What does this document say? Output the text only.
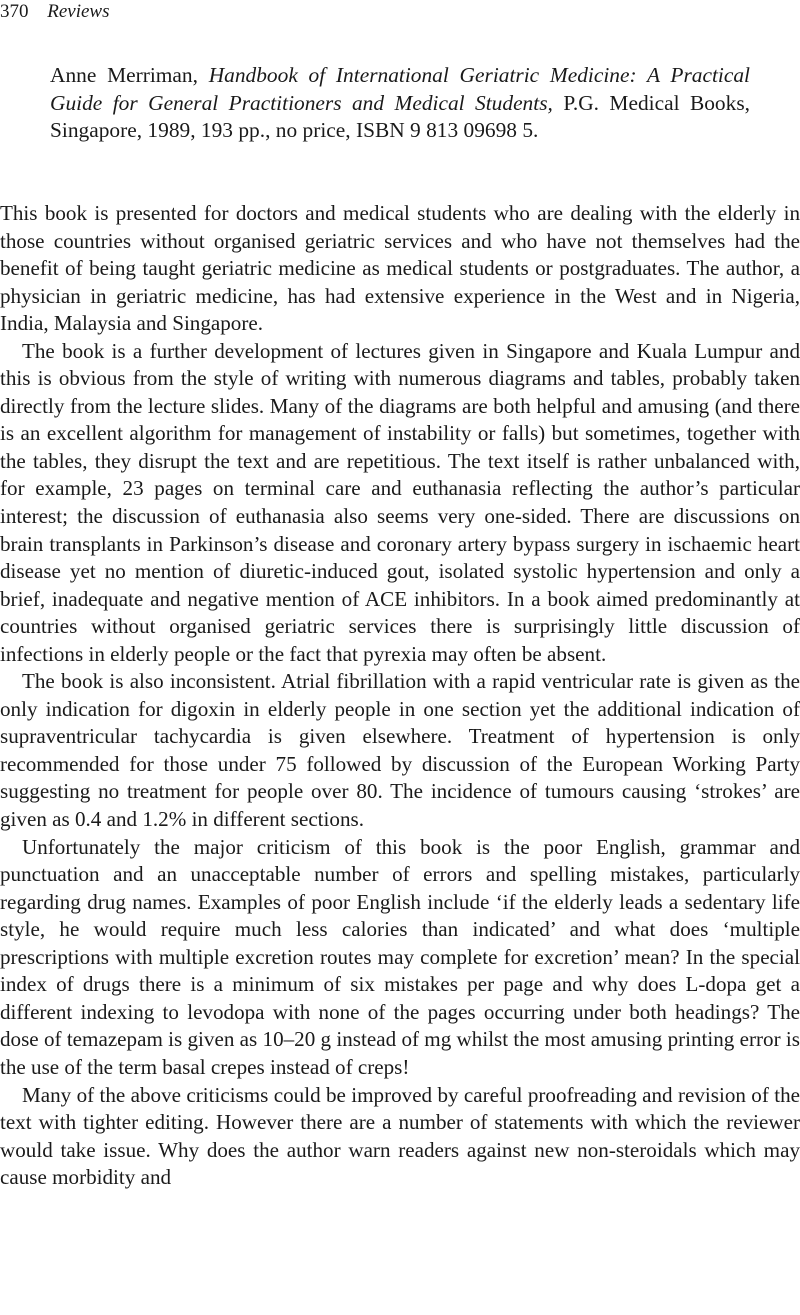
370 Reviews
Anne Merriman, Handbook of International Geriatric Medicine: A Practical Guide for General Practitioners and Medical Students, P.G. Medical Books, Singapore, 1989, 193 pp., no price, ISBN 9 813 09698 5.

This book is presented for doctors and medical students who are dealing with the elderly in those countries without organised geriatric services and who have not themselves had the benefit of being taught geriatric medicine as medical students or postgraduates. The author, a physician in geriatric medicine, has had extensive experience in the West and in Nigeria, India, Malaysia and Singapore.

The book is a further development of lectures given in Singapore and Kuala Lumpur and this is obvious from the style of writing with numerous diagrams and tables, probably taken directly from the lecture slides. Many of the diagrams are both helpful and amusing (and there is an excellent algorithm for management of instability or falls) but sometimes, together with the tables, they disrupt the text and are repetitious. The text itself is rather unbalanced with, for example, 23 pages on terminal care and euthanasia reflecting the author’s particular interest; the discussion of euthanasia also seems very one-sided. There are discussions on brain transplants in Parkinson’s disease and coronary artery bypass surgery in ischaemic heart disease yet no mention of diuretic-induced gout, isolated systolic hypertension and only a brief, inadequate and negative mention of ACE inhibitors. In a book aimed predominantly at countries without organised geriatric services there is surprisingly little discussion of infections in elderly people or the fact that pyrexia may often be absent.

The book is also inconsistent. Atrial fibrillation with a rapid ventricular rate is given as the only indication for digoxin in elderly people in one section yet the additional indication of supraventricular tachycardia is given elsewhere. Treatment of hypertension is only recommended for those under 75 followed by discussion of the European Working Party suggesting no treatment for people over 80. The incidence of tumours causing ‘strokes’ are given as 0.4 and 1.2% in different sections.

Unfortunately the major criticism of this book is the poor English, grammar and punctuation and an unacceptable number of errors and spelling mistakes, particularly regarding drug names. Examples of poor English include ‘if the elderly leads a sedentary life style, he would require much less calories than indicated’ and what does ‘multiple prescriptions with multiple excretion routes may complete for excretion’ mean? In the special index of drugs there is a minimum of six mistakes per page and why does L-dopa get a different indexing to levodopa with none of the pages occurring under both headings? The dose of temazepam is given as 10–20 g instead of mg whilst the most amusing printing error is the use of the term basal crepes instead of creps!

Many of the above criticisms could be improved by careful proofreading and revision of the text with tighter editing. However there are a number of statements with which the reviewer would take issue. Why does the author warn readers against new non-steroidals which may cause morbidity and
